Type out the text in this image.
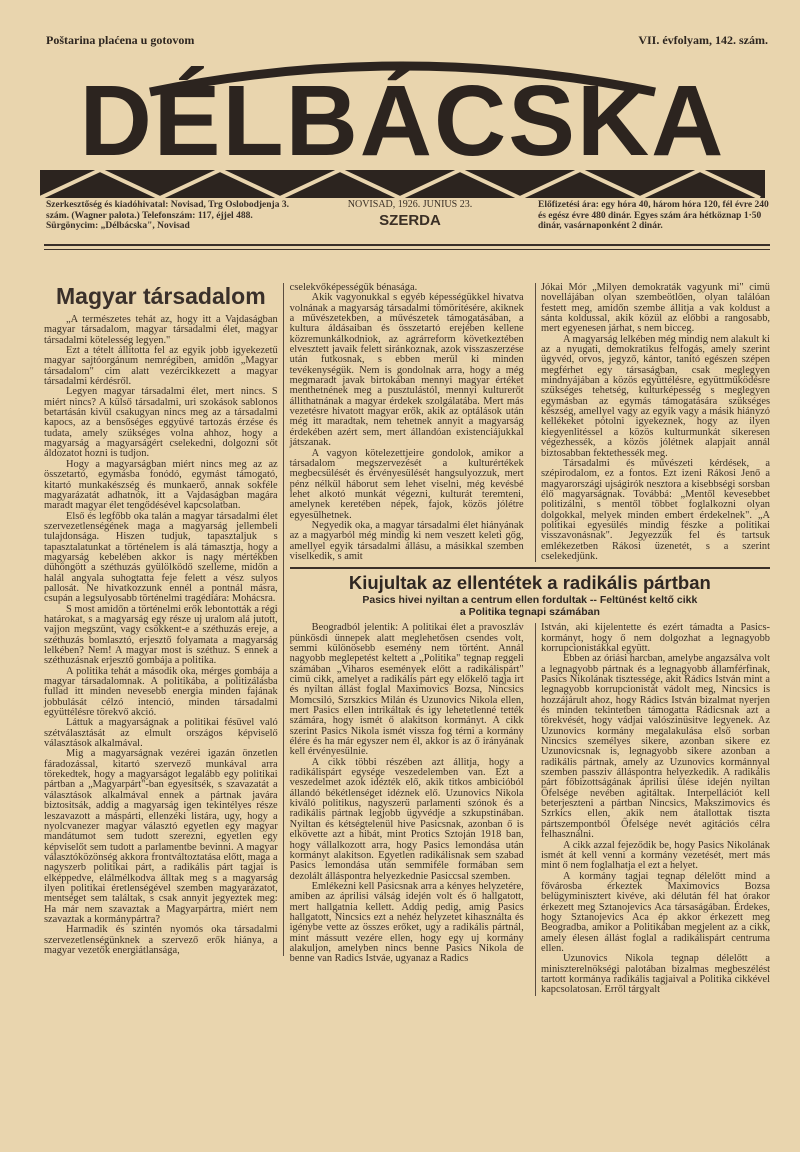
Poštarina plaćena u gotovom	VII. évfolyam, 142. szám.
DÉLBÁCSKA
Szerkesztőség és kiadóhivatal: Novisad, Trg Oslobodjenja 3. szám. (Wagner palota.) Telefonszám: 117, éjjel 488. Sürgönycim: „Délbácska", Novisad
NOVISAD, 1926. JUNIUS 23.
SZERDA
Előfizetési ára: egy hóra 40, három hóra 120, fél évre 240 és egész évre 480 dinár. Egyes szám ára hétköznap 1·50 dinár, vasárnaponként 2 dinár.
Magyar társadalom

„A természetes tehát az, hogy itt a Vajdaságban magyar társadalom, magyar társadalmi élet, magyar társadalmi kötelesség legyen."

Ezt a tételt állította fel az egyik jobb igyekezetű magyar sajtóorgánum nemrégiben, amidőn „Magyar társadalom" cim alatt vezércikkezett a magyar társadalmi kérdésről.

Legyen magyar társadalmi élet, mert nincs. S miért nincs? A külső társadalmi, uri szokások sablonos betartásán kivül csakugyan nincs meg az a társadalmi kapocs, az a bensőséges eggyüvé tartozás érzése és tudata, amely szükséges volna ahhoz, hogy a magyarság a magyarságért cselekedni, dolgozni sőt áldozatot hozni is tudjon.

Hogy a magyarságban miért nincs meg az az összetartó, egymásba fonódó, egymást támogató, kitartó munkakészség és munkaerő, annak sokféle magyarázatát adhatnók, itt a Vajdaságban magára maradt magyar élet tengődésével kapcsolatban.

Első és legfőbb oka talán a magyar társadalmi élet szervezetlenségének maga a magyarság jellembeli tulajdonsága. Hiszen tudjuk, tapasztaljuk s tapasztalatunkat a történelem is alá támasztja, hogy a magyarság kebelében akkor is nagy mértékben dühöngött a széthuzás gyülölködő szelleme, midőn a halál angyala suhogtatta feje felett a vész sulyos pallosát. Ne hivatkozzunk ennél a pontnál másra, csupán a legsulyosabb történelmi tragédiára: Mohácsra.

S most amidőn a történelmi erők lebontották a régi határokat, s a magyarság egy része uj uralom alá jutott, vajjon megszünt, vagy csökkent-e a széthuzás ereje, a széthuzás bomlasztó, erjesztő folyamata a magyarság lelkében? Nem! A magyar most is széthuz. S ennek a széthuzásnak erjesztő gombája a politika.

A politika tehát a második oka, mérges gombája a magyar társadalomnak. A politikába, a politizálásba fullad itt minden nevesebb energia minden fajának jobbulását célzó intenció, minden társadalmi együttélésre törekvő akció.

Láttuk a magyarságnak a politikai fésüvel való szétválasztását az elmult országos képviselő választások alkalmával.

Mig a magyarságnak vezérei igazán önzetlen fáradozással, kitartó szervező munkával arra törekedtek, hogy a magyarságot legalább egy politikai pártban a „Magyarpárt"-ban egyesitsék, s szavazatát a választások alkalmával ennek a pártnak javára biztositsák, addig a magyarság igen tekintélyes része leszavazott a máspárti, ellenzéki listára, ugy, hogy a nyolcvanezer magyar választó egyetlen egy magyar mandátumot sem tudott szerezni, egyetlen egy képviselőt sem tudott a parlamentbe bevinni. A magyar választóközönség akkora frontváltoztatása előtt, maga a nagyszerb politikai párt, a radikális párt tagjai is elképpedve, elálmélkodva álltak meg s a magyarság ilyen politikai éretlenségével szemben magyarázatot, mentséget sem találtak, s csak annyit jegyeztek meg: Ha már nem szavaztak a Magyarpártra, miért nem szavaztak a kormánypártra?

Harmadik és szintén nyomós oka társadalmi szervezetlenségünknek a szervező erők hiánya, a magyar vezetők energiátlansága,

cselekvőképességük bénasága.

Akik vagyonukkal s egyéb képességükkel hivatva volnának a magyarság társadalmi tömörítésére, akiknek a művészetekben, a művészetek támogatásában, a kultura áldásaiban és összetartó erejében kellene közremunkálkodniok, az agrárreform következtében elvesztett javaik felett siránkoznak, azok visszaszerzése után futkosnak, s ebben merül ki minden tevékenységük. Nem is gondolnak arra, hogy a még megmaradt javak birtokában mennyi magyar értéket menthetnének meg a pusztulástól, mennyi kulturerőt állithatnának a magyar érdekek szolgálatába. Mert más vezetésre hivatott magyar erők, akik az optálások után még itt maradtak, nem tehetnek annyit a magyarság érdekében azért sem, mert állandóan existenciájukkal játszanak.

A vagyon kötelezettjeire gondolok, amikor a társadalom megszervezését a kulturértékek megbecsülését és érvényesülését hangsulyozzuk, mert pénz nélkül háborut sem lehet viselni, még kevésbé lehet alkotó munkát végezni, kulturát teremteni, amelynek keretében népek, fajok, közös jólétre egyesülhetnek.

Negyedik oka, a magyar társadalmi élet hiányának az a magyarból még mindig ki nem veszett keleti gőg, amellyel egyik társadalmi állásu, a másikkal szemben viselkedik, s amit

Jókai Mór „Milyen demokraták vagyunk mi" cimü novellájában olyan szembeötlően, olyan találóan festett meg, amidőn szembe állitja a vak koldust a sánta koldussal, akik közül az előbbi a rangosabb, mert egyenesen járhat, s nem bicceg.

A magyarság lelkében még mindig nem alakult ki az a nyugati, demokratikus felfogás, amely szerint ügyvéd, orvos, jegyző, kántor, tanitó egészen szépen megférhet egy társaságban, csak meglegyen mindnyájában a közös együttélésre, együttműködésre szükséges tehetség, kulturképesség s meglegyen egymásban az egymás támogatására szükséges készség, amellyel vagy az egyik vagy a másik hiányzó kellékeket pótolni igyekeznek, hogy az ilyen kiegyenlitéssel a közös kulturmunkát sikeresen végezhessék, a közös jólétnek alapjait annál biztosabban fektethessék meg.

Társadalmi és művészeti kérdések, a szépirodalom, ez a fontos. Ezt izeni Rákosi Jenő a magyarországi ujságirók nesztora a kisebbségi sorsban élő magyarságnak. Továbbá: „Mentől kevesebbet politizálni, s mentől többet foglalkozni olyan dolgokkal, melyek minden embert érdekelnek". „A politikai egyesülés mindig fészke a politikai visszavonásnak". Jegyezzük fel és tartsuk emlékezetben Rákosi üzenetét, s a szerint cselekedjünk.

Kiujultak az ellentétek a radikális pártban
Pasics hivei nyiltan a centrum ellen fordultak -- Feltünést keltő cikk
a Politika tegnapi számában

Beogradból jelentik: A politikai élet a pravoszláv pünkösdi ünnepek alatt meglehetősen csendes volt, semmi különösebb esemény nem történt. Annál nagyobb meglepetést keltett a „Politika" tegnap reggeli számában „Viharos események előtt a radikálispárt" cimü cikk, amelyet a radikális párt egy előkelő tagja irt és nyiltan állást foglal Maximovics Bozsa, Nincsics Momcsiló, Szrszkics Milán és Uzunovics Nikola ellen, mert Pasics ellen intrikáltak és igy lehetetlenné tették számára, hogy ismét ő alakitson kormányt. A cikk szerint Pasics Nikola ismét vissza fog térni a kormány élére és ha már egyszer nem él, akkor is az ő irányának kell érvényesülnie.

A cikk többi részében azt állitja, hogy a radikálispárt egysége veszedelemben van. Ezt a veszedelmet azok idézték elő, akik titkos ambicióból állandó békétlenséget idéznek elő. Uzunovics Nikola kiváló politikus, nagyszerü parlamenti szónok és a radikális pártnak legjobb ügyvédje a szkupstinában. Nyiltan és kétségtelenül hive Pasicsnak, azonban ő is elkövette azt a hibát, mint Protics Sztoján 1918 ban, hogy vállalkozott arra, hogy Pasics lemondása után kormányt alakitson. Egyetlen radikálisnak sem szabad Pasics lemondása után semmiféle formában sem dezolált álláspontra helyezkednie Pasiccsal szemben.

Emlékezni kell Pasicsnak arra a kényes helyzetére, amiben az áprilisi válság idején volt és ő hallgatott, mert hallgatnia kellett. Addig pedig, amig Pasics hallgatott, Nincsics ezt a nehéz helyzetet kihasználta és igénybe vette az összes erőket, ugy a radikális pártnál, mint mássutt vezére ellen, hogy egy uj kormány alakuljon, amelyben nincs benne Pasics Nikola de benne van Radics Istváe, ugyanaz a Radics

István, aki kijelentette és ezért támadta a Pasics-kormányt, hogy ő nem dolgozhat a legnagyobb korrupcionistákkal együtt.

Ebben az óriási harcban, amelybe angazsálva volt a legnagyobb pártnak és a legnagyobb államférfinak, Pasics Nikolának tisztessége, akit Rádics István mint a legnagyobb korrupcionistát vádolt meg, Nincsics is hozzájárult ahoz, hogy Rádics István bizalmat nyerjen és minden tekintetben támogatta Rádicsnak azt a törekvését, hogy vádjai valószinüsitve legyenek. Az Uzunovics kormány megalakulása első sorban Nincsics személyes sikere, azonban sikere ez Uzunovicsnak is, legnagyobb sikere azonban a radikális pártnak, amely az Uzunovics kormánnyal szemben passziv álláspontra helyezkedik. A radikális párt főbizottságának áprilisi ülése idején nyiltan Őfelsége nevében agitáltak. Interpellációt kell beterjeszteni a pártban Nincsics, Makszimovics és Szrkics ellen, akik nem átallottak tiszta pártszempontból Őfelsége nevét agitációs célra felhasználni.

A cikk azzal fejeződik be, hogy Pasics Nikolának ismét át kell venni a kormány vezetését, mert más mint ő nem foglalhatja el ezt a helyet.

A kormány tagjai tegnap délelőtt mind a fővárosba érkeztek Maximovics Bozsa belügyminisztert kivéve, aki délután fél hat órakor érkezett meg Sztanojevics Aca társaságában. Érdekes, hogy Sztanojevics Aca ép akkor érkezett meg Beogradba, amikor a Politikában megjelent az a cikk, amely élesen állást foglal a radikálispárt centruma ellen.

Uzunovics Nikola tegnap délelőtt a miniszterelnökségi palotában bizalmas megbeszélést tartott kormánya radikális tagjaival a Politika cikkével kapcsolatosan. Erről tárgyalt
